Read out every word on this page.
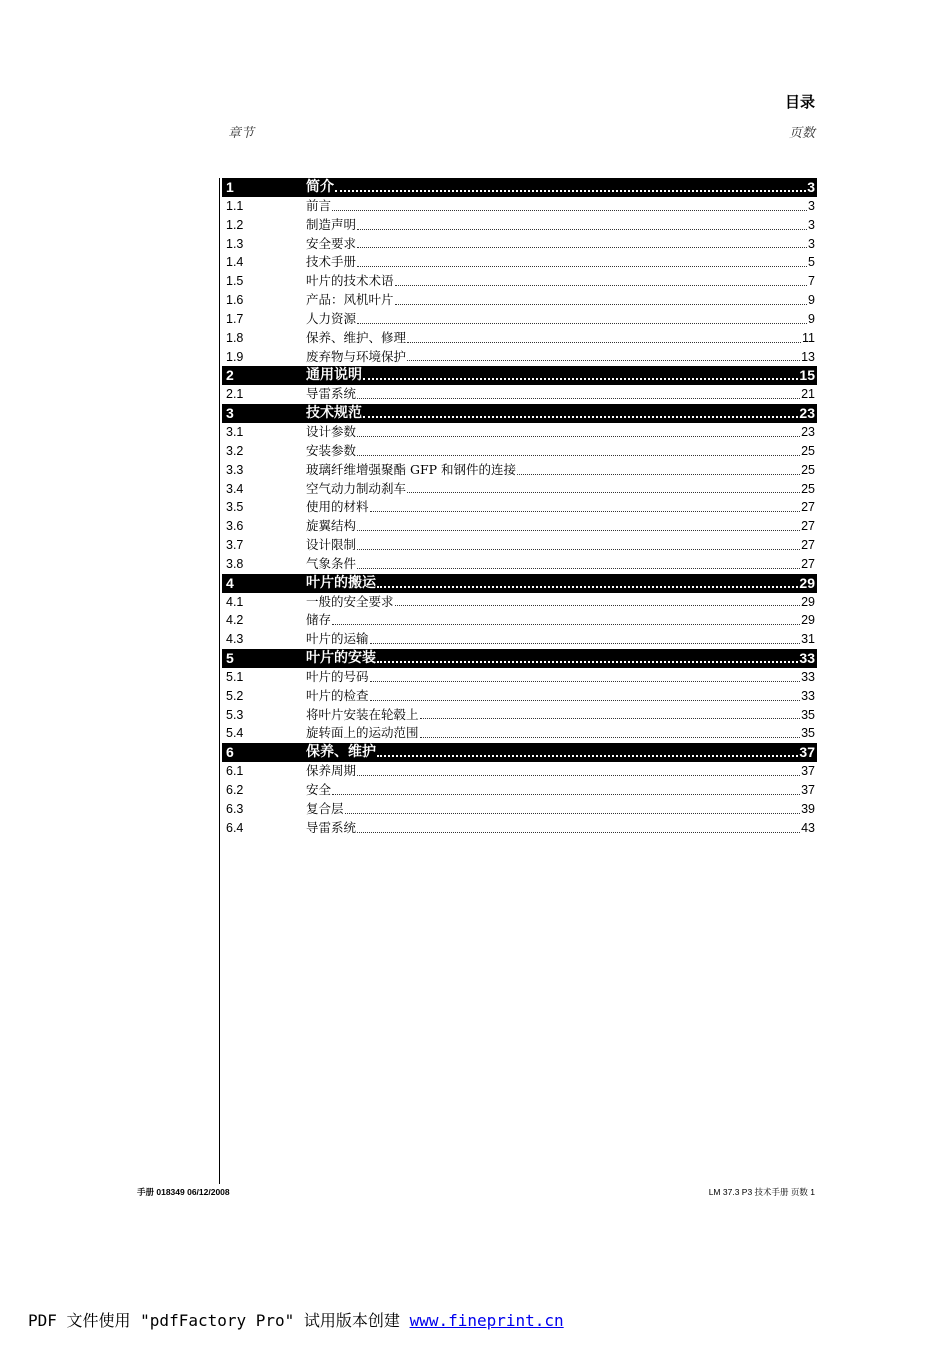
目录
章节	页数
1	简介	3
1.1	前言	3
1.2	制造声明	3
1.3	安全要求	3
1.4	技术手册	5
1.5	叶片的技术术语	7
1.6	产品：风机叶片	9
1.7	人力资源	9
1.8	保养、维护、修理	11
1.9	废弃物与环境保护	13
2	通用说明	15
2.1	导雷系统	21
3	技术规范	23
3.1	设计参数	23
3.2	安装参数	25
3.3	玻璃纤维增强聚酯 GFP 和钢件的连接	25
3.4	空气动力制动刹车	25
3.5	使用的材料	27
3.6	旋翼结构	27
3.7	设计限制	27
3.8	气象条件	27
4	叶片的搬运	29
4.1	一般的安全要求	29
4.2	储存	29
4.3	叶片的运输	31
5	叶片的安装	33
5.1	叶片的号码	33
5.2	叶片的检查	33
5.3	将叶片安装在轮毂上	35
5.4	旋转面上的运动范围	35
6	保养、维护	37
6.1	保养周期	37
6.2	安全	37
6.3	复合层	39
6.4	导雷系统	43
手册 018349 06/12/2008	LM 37.3 P3 技术手册 页数 1
PDF 文件使用 "pdfFactory Pro" 试用版本创建 www.fineprint.cn
